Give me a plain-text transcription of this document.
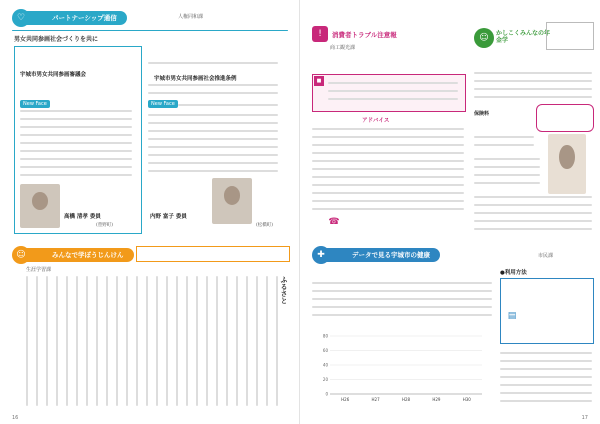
♡	パートナーシップ通信	人権同和課
男女共同参画社会づくりを共に
宇城市男女共同参画審議会
New Face
高橋 清孝 委員
(豊野町)
宇城市男女共同参画社会推進条例
New Face
内野 富子 委員
(松橋町)
☺	みんなで学ぼうじんけん
生涯学習課
ふるさと
16
!	消費者トラブル注意報
商工観光課
■
アドバイス
☎
☺	かしこくみんなの年金学
保険料
✚	データで見る宇城市の健康	市民課
0
20
40
60
80
H26	H27	H28	H29	H30
●利用方法
▤
17
